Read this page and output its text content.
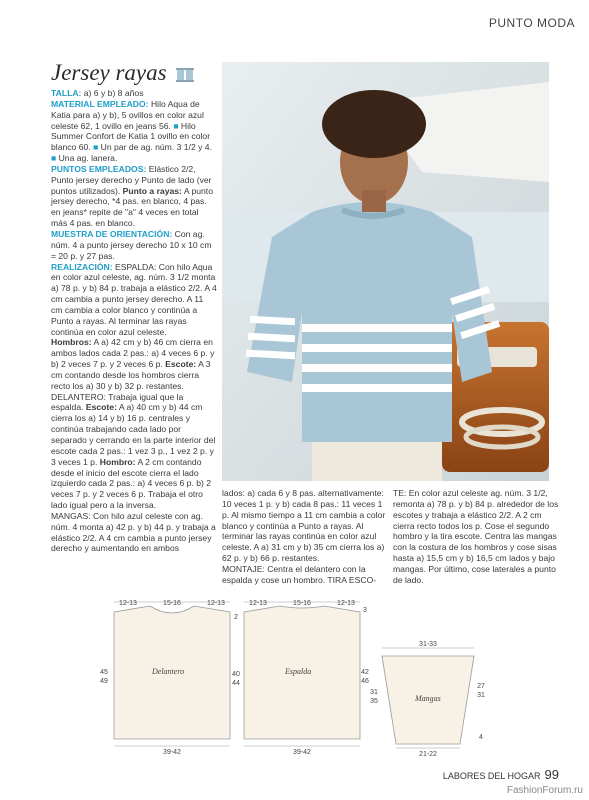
PUNTO MODA
Jersey rayas

TALLA: a) 6 y b) 8 años

MATERIAL EMPLEADO: Hilo Aqua de Katia para a) y b), 5 ovillos en color azul celeste 62, 1 ovillo en jeans 56. ■ Hilo Summer Confort de Katia 1 ovillo en color blanco 60. ■ Un par de ag. núm. 3 1/2 y 4. ■ Una ag. lanera.

PUNTOS EMPLEADOS: Elástico 2/2, Punto jersey derecho y Punto de lado (ver puntos utilizados). Punto a rayas: A punto jersey derecho, *4 pas. en blanco, 4 pas. en jeans* repite de "a" 4 veces en total más 4 pas. en blanco.

MUESTRA DE ORIENTACIÓN: Con ag. núm. 4 a punto jersey derecho 10 x 10 cm = 20 p. y 27 pas.

REALIZACIÓN: ESPALDA: Con hilo Aqua en color azul celeste, ag. núm. 3 1/2 monta a) 78 p. y b) 84 p. trabaja a elástico 2/2. A 4 cm cambia a punto jersey derecho. A 11 cm cambia a color blanco y continúa a Punto a rayas. Al terminar las rayas continúa en color azul celeste.

Hombros: A a) 42 cm y b) 46 cm cierra en ambos lados cada 2 pas.: a) 4 veces 6 p. y b) 2 veces 7 p. y 2 veces 6 p. Escote: A 3 cm contando desde los hombros cierra recto los a) 30 y b) 32 p. restantes.

DELANTERO: Trabaja igual que la espalda. Escote: A a) 40 cm y b) 44 cm cierra los a) 14 y b) 16 p. centrales y continúa trabajando cada lado por separado y cerrando en la parte interior del escote cada 2 pas.: 1 vez 3 p., 1 vez 2 p. y 3 veces 1 p. Hombro: A 2 cm contando desde el inicio del escote cierra el lado izquierdo cada 2 pas.: a) 4 veces 6 p. b) 2 veces 7 p. y 2 veces 6 p. Trabaja el otro lado igual pero a la inversa.

MANGAS: Con hilo azul celeste con ag. núm. 4 monta a) 42 p. y b) 44 p. y trabaja a elástico 2/2. A 4 cm cambia a punto jersey derecho y aumentando en ambos

lados: a) cada 6 y 8 pas. alternativamente: 10 veces 1 p. y b) cada 8 pas.: 11 veces 1 p. Al mismo tiempo a 11 cm cambia a color blanco y continúa a Punto a rayas. Al terminar las rayas continúa en color azul celeste. A a) 31 cm y b) 35 cm cierra los a) 62 p. y b) 66 p. restantes.

MONTAJE: Centra el delantero con la espalda y cose un hombro. TIRA ESCO-

TE: En color azul celeste ag. núm. 3 1/2, remonta a) 78 p. y b) 84 p. alrededor de los escotes y trabaja a elástico 2/2. A 2 cm cierra recto todos los p. Cose el segundo hombro y la tira escote. Centra las mangas con la costura de los hombros y cose sisas hasta a) 15,5 cm y b) 16,5 cm lados y bajo mangas. Por último, cose laterales a punto de lado.

12-13	15-16	12-13
Delantero
45
49
40
44
2
39-42
12-13	15-16	12-13
Espalda
3
42
46
39-42
31-33
Mangas
31
35
27
31
4
21-22
LABORES DEL HOGAR 99
FashionForum.ru
